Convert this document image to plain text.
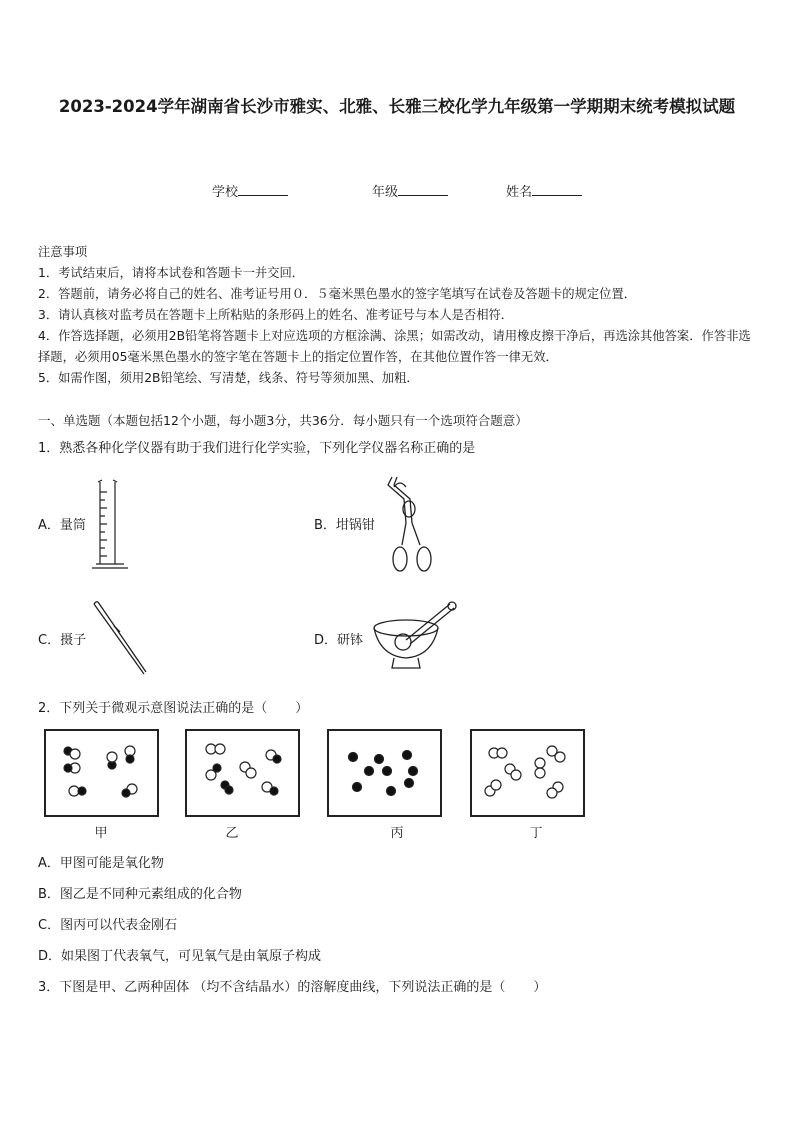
2023-2024学年湖南省长沙市雅实、北雅、长雅三校化学九年级第一学期期末统考模拟试题
学校	年级	姓名
注意事项
1．考试结束后，请将本试卷和答题卡一并交回．
2．答题前，请务必将自己的姓名、准考证号用０．５毫米黑色墨水的签字笔填写在试卷及答题卡的规定位置．
3．请认真核对监考员在答题卡上所粘贴的条形码上的姓名、准考证号与本人是否相符．
4．作答选择题，必须用2B铅笔将答题卡上对应选项的方框涂满、涂黑；如需改动，请用橡皮擦干净后，再选涂其他答案．作答非选择题，必须用05毫米黑色墨水的签字笔在答题卡上的指定位置作答，在其他位置作答一律无效．
5．如需作图，须用2B铅笔绘、写清楚，线条、符号等须加黑、加粗．
一、单选题（本题包括12个小题，每小题3分，共36分．每小题只有一个选项符合题意）
1．熟悉各种化学仪器有助于我们进行化学实验，下列化学仪器名称正确的是
A．量筒	B．坩锅钳
C．摄子	D．研钵
2．下列关于微观示意图说法正确的是（ ）
甲	乙	丙	丁
A．甲图可能是氧化物
B．图乙是不同种元素组成的化合物
C．图丙可以代表金刚石
D．如果图丁代表氧气，可见氧气是由氧原子构成
3．下图是甲、乙两种固体 （均不含结晶水）的溶解度曲线，下列说法正确的是（ ）
